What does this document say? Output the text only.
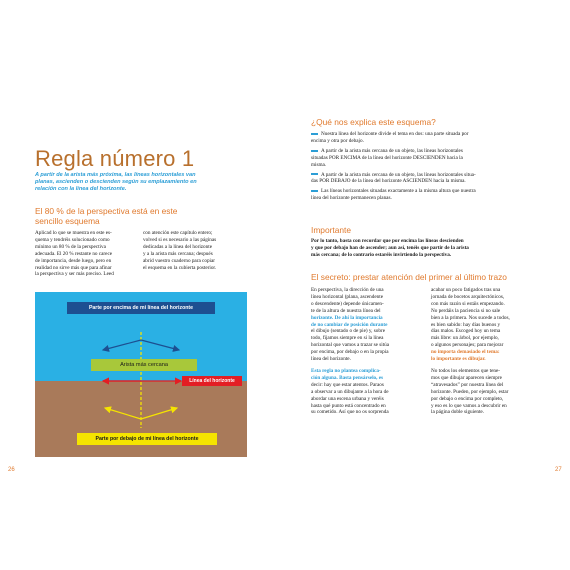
Regla número 1
A partir de la arista más próxima, las líneas horizontales van
planas, ascienden o descienden según su emplazamiento en
relación con la línea del horizonte.
El 80 % de la perspectiva está en este
sencillo esquema
Aplicad lo que se muestra en este es-
quema y tendréis solucionado como
mínimo un 80 % de la perspectiva
adecuada. El 20 % restante no carece
de importancia, desde luego, pero en
realidad no sirve más que para afinar
la perspectiva y ser más preciso. Leed
con atención este capítulo entero;
volved si es necesario a las páginas
dedicadas a la línea del horizonte
y a la arista más cercana; después
abrid vuestro cuaderno para copiar
el esquema en la cubierta posterior.
Parte por encima de mi línea del horizonte
Arista más cercana
Línea del horizonte
Parte por debajo de mi línea del horizonte
26
¿Qué nos explica este esquema?
Nuestra línea del horizonte divide el tema en dos: una parte situada por
encima y otra por debajo.
A partir de la arista más cercana de un objeto, las líneas horizontales
situadas POR ENCIMA de la línea del horizonte DESCIENDEN hacia la
misma.
A partir de la arista más cercana de un objeto, las líneas horizontales situa-
das POR DEBAJO de la línea del horizonte ASCIENDEN hacia la misma.
Las líneas horizontales situadas exactamente a la misma altura que nuestra
línea del horizonte permanecen planas.
Importante
Por lo tanto, basta con recordar que por encima las líneas descienden
y que por debajo han de ascender; aun así, tenéis que partir de la arista
más cercana; de lo contrario estaréis invirtiendo la perspectiva.
El secreto: prestar atención del primer al último trazo
En perspectiva, la dirección de una
línea horizontal (plana, ascendente
o descendente) depende únicamen-
te de la altura de nuestra línea del
horizonte. De ahí la importancia
de no cambiar de posición durante
el dibujo (sentado o de pie) y, sobre
todo, fijamos siempre en si la línea
horizontal que vamos a trazar se sitúa
por encima, por debajo o en la propia
línea del horizonte.
Esta regla no plantea complica-
ción alguna. Basta pensárselo, es
decir: hay que estar atentos. Paraos
a observar a un dibujante a la hora de
abordar una escena urbana y veréis
hasta qué punto está concentrado en
su cometido. Así que no os sorprenda
acabar un poco fatigados tras una
jornada de bocetos arquitectónicos,
con más razón si estáis empezando.
No perdáis la paciencia si no sale
bien a la primera. Nos sucede a todos,
es bien sabido: hay días buenos y
días malos. Escoged hoy un tema
más libre: un árbol, por ejemplo,
o algunos personajes; para mejorar
no importa demasiado el tema:
lo importante es dibujar.
No todos los elementos que tene-
mos que dibujar aparecen siempre
“atravesados” por nuestra línea del
horizonte. Pueden, por ejemplo, estar
por debajo o encima por completo,
y eso es lo que vamos a descubrir en
la página doble siguiente.
27
